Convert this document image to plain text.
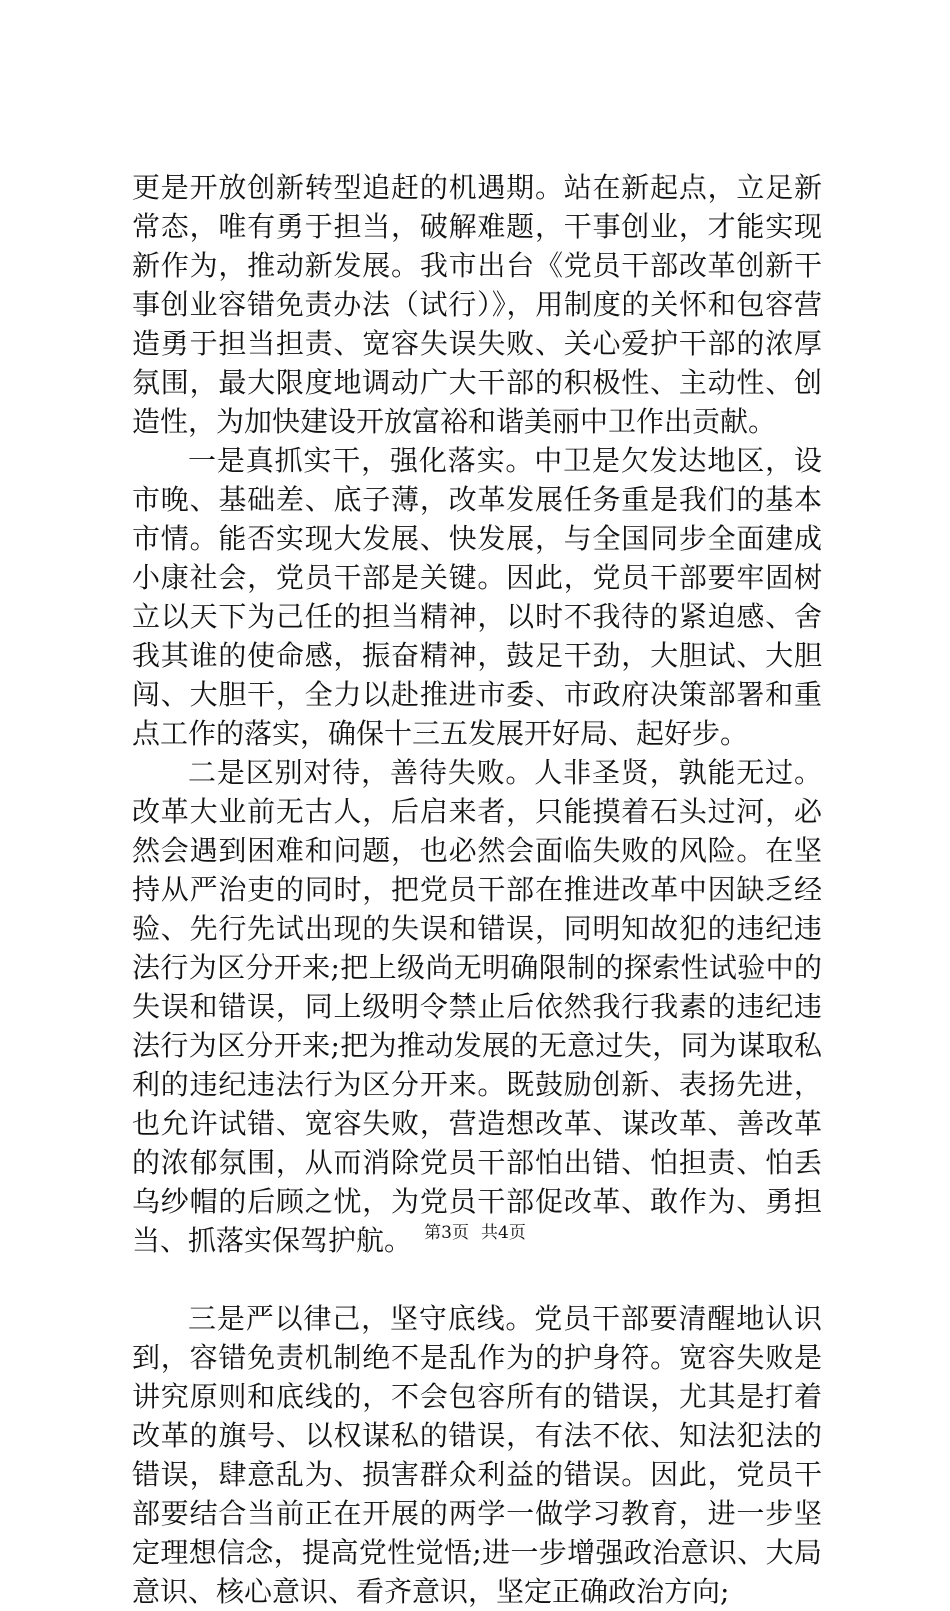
更是开放创新转型追赶的机遇期。站在新起点，立足新常态，唯有勇于担当，破解难题，干事创业，才能实现新作为，推动新发展。我市出台《党员干部改革创新干事创业容错免责办法（试行）》，用制度的关怀和包容营造勇于担当担责、宽容失误失败、关心爱护干部的浓厚氛围，最大限度地调动广大干部的积极性、主动性、创造性，为加快建设开放富裕和谐美丽中卫作出贡献。

一是真抓实干，强化落实。中卫是欠发达地区，设市晚、基础差、底子薄，改革发展任务重是我们的基本市情。能否实现大发展、快发展，与全国同步全面建成小康社会，党员干部是关键。因此，党员干部要牢固树立以天下为己任的担当精神，以时不我待的紧迫感、舍我其谁的使命感，振奋精神，鼓足干劲，大胆试、大胆闯、大胆干，全力以赴推进市委、市政府决策部署和重点工作的落实，确保十三五发展开好局、起好步。

二是区别对待，善待失败。人非圣贤，孰能无过。改革大业前无古人，后启来者，只能摸着石头过河，必然会遇到困难和问题，也必然会面临失败的风险。在坚持从严治吏的同时，把党员干部在推进改革中因缺乏经验、先行先试出现的失误和错误，同明知故犯的违纪违法行为区分开来;把上级尚无明确限制的探索性试验中的失误和错误，同上级明令禁止后依然我行我素的违纪违法行为区分开来;把为推动发展的无意过失，同为谋取私利的违纪违法行为区分开来。既鼓励创新、表扬先进，也允许试错、宽容失败，营造想改革、谋改革、善改革的浓郁氛围，从而消除党员干部怕出错、怕担责、怕丢乌纱帽的后顾之忧，为党员干部促改革、敢作为、勇担当、抓落实保驾护航。

三是严以律己，坚守底线。党员干部要清醒地认识到，容错免责机制绝不是乱作为的护身符。宽容失败是讲究原则和底线的，不会包容所有的错误，尤其是打着改革的旗号、以权谋私的错误，有法不依、知法犯法的错误，肆意乱为、损害群众利益的错误。因此，党员干部要结合当前正在开展的两学一做学习教育，进一步坚定理想信念，提高党性觉悟;进一步增强政治意识、大局意识、核心意识、看齐意识，坚定正确政治方向;

第3页 共4页
